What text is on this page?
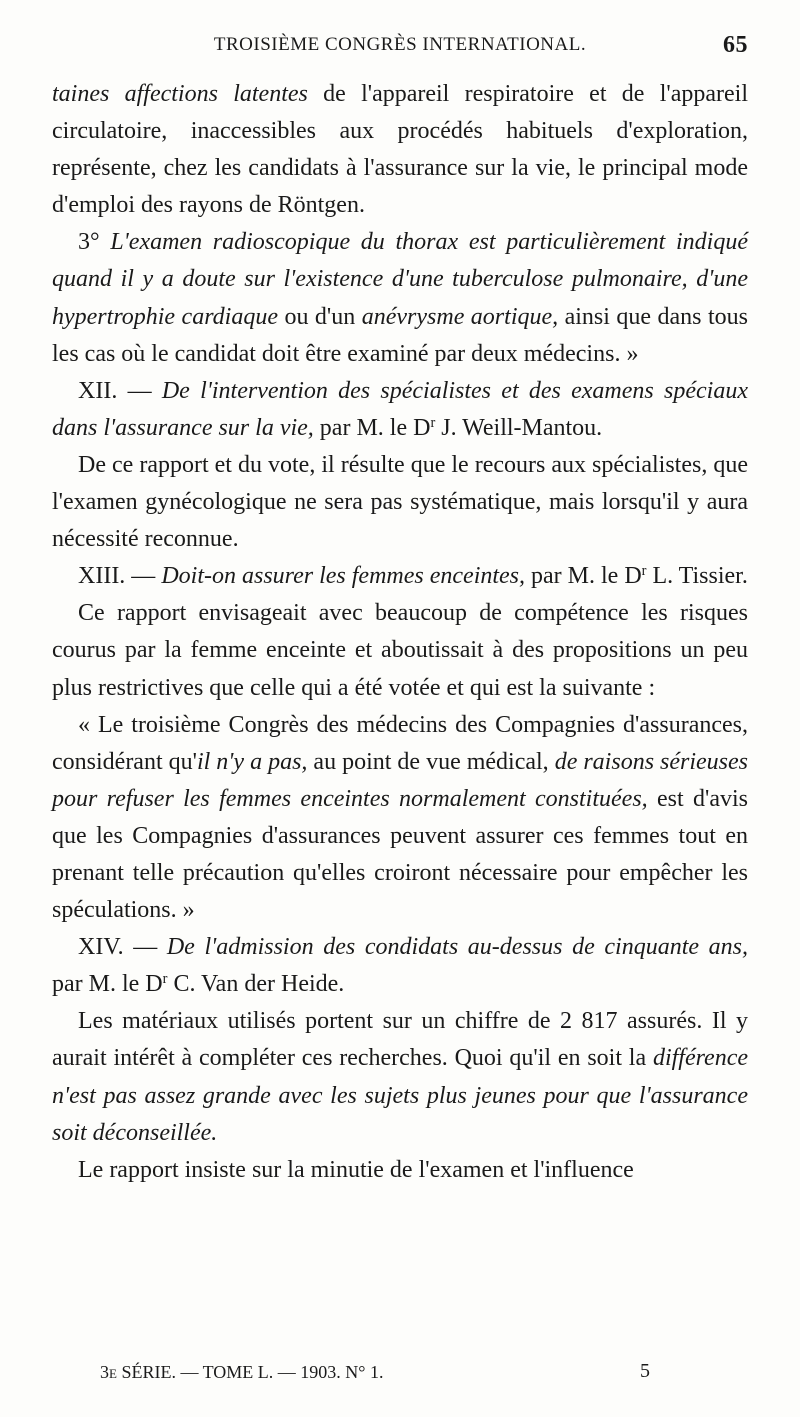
TROISIÈME CONGRÈS INTERNATIONAL.	65

taines affections latentes de l'appareil respiratoire et de l'appareil circulatoire, inaccessibles aux procédés habituels d'exploration, représente, chez les candidats à l'assurance sur la vie, le principal mode d'emploi des rayons de Röntgen.

3° L'examen radioscopique du thorax est particulièrement indiqué quand il y a doute sur l'existence d'une tuberculose pulmonaire, d'une hypertrophie cardiaque ou d'un anévrysme aortique, ainsi que dans tous les cas où le candidat doit être examiné par deux médecins. »

XII. — De l'intervention des spécialistes et des examens spéciaux dans l'assurance sur la vie, par M. le $D^r$ J. Weill-Mantou.

De ce rapport et du vote, il résulte que le recours aux spécialistes, que l'examen gynécologique ne sera pas systématique, mais lorsqu'il y aura nécessité reconnue.

XIII. — Doit-on assurer les femmes enceintes, par M. le $D^r$ L. Tissier.

Ce rapport envisageait avec beaucoup de compétence les risques courus par la femme enceinte et aboutissait à des propositions un peu plus restrictives que celle qui a été votée et qui est la suivante :

« Le troisième Congrès des médecins des Compagnies d'assurances, considérant qu'il n'y a pas, au point de vue médical, de raisons sérieuses pour refuser les femmes enceintes normalement constituées, est d'avis que les Compagnies d'assurances peuvent assurer ces femmes tout en prenant telle précaution qu'elles croiront nécessaire pour empêcher les spéculations. »

XIV. — De l'admission des condidats au-dessus de cinquante ans, par M. le $D^r$ C. Van der Heide.

Les matériaux utilisés portent sur un chiffre de 2 817 assurés. Il y aurait intérêt à compléter ces recherches. Quoi qu'il en soit la différence n'est pas assez grande avec les sujets plus jeunes pour que l'assurance soit déconseillée.

Le rapport insiste sur la minutie de l'examen et l'influence

3e SÉRIE. — TOME L. — 1903. N° 1.	5
